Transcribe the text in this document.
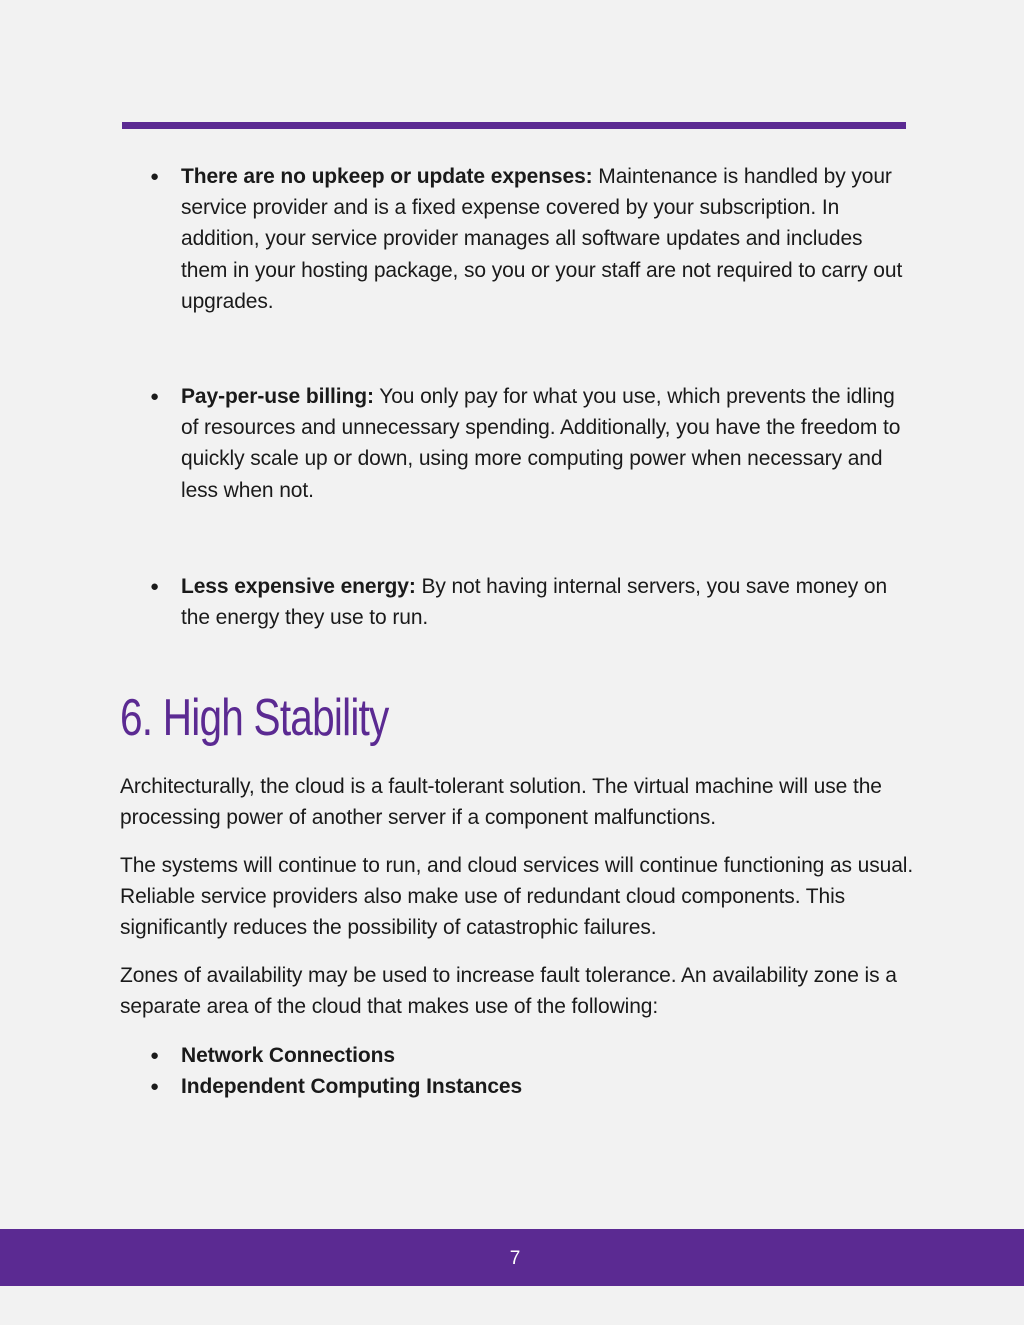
● There are no upkeep or update expenses: Maintenance is handled by your service provider and is a fixed expense covered by your subscription. In addition, your service provider manages all software updates and includes them in your hosting package, so you or your staff are not required to carry out upgrades.
● Pay-per-use billing: You only pay for what you use, which prevents the idling of resources and unnecessary spending. Additionally, you have the freedom to quickly scale up or down, using more computing power when necessary and less when not.
● Less expensive energy: By not having internal servers, you save money on the energy they use to run.
6. High Stability

Architecturally, the cloud is a fault-tolerant solution. The virtual machine will use the processing power of another server if a component malfunctions.

The systems will continue to run, and cloud services will continue functioning as usual. Reliable service providers also make use of redundant cloud components. This significantly reduces the possibility of catastrophic failures.

Zones of availability may be used to increase fault tolerance. An availability zone is a separate area of the cloud that makes use of the following:

● Network Connections
● Independent Computing Instances
7
